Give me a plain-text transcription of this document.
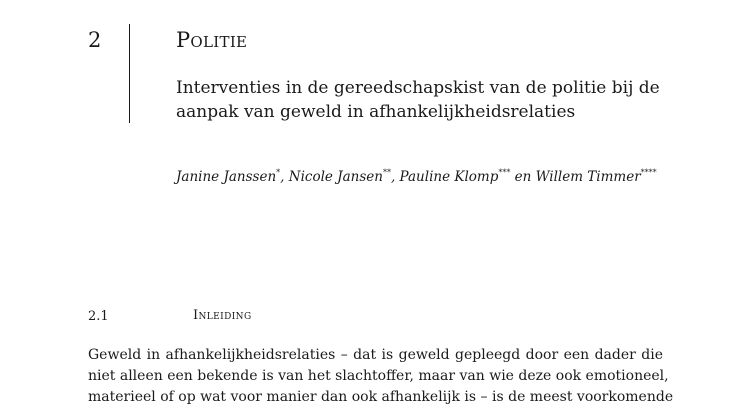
2	Politie
Interventies in de gereedschapskist van de politie bij de
aanpak van geweld in afhankelijkheidsrelaties
Janine Janssen*, Nicole Jansen**, Pauline Klomp*** en Willem Timmer****
2.1	Inleiding
Geweld in afhankelijkheidsrelaties – dat is geweld gepleegd door een dader die
niet alleen een bekende is van het slachtoffer, maar van wie deze ook emotioneel,
materieel of op wat voor manier dan ook afhankelijk is – is de meest voorkomende
